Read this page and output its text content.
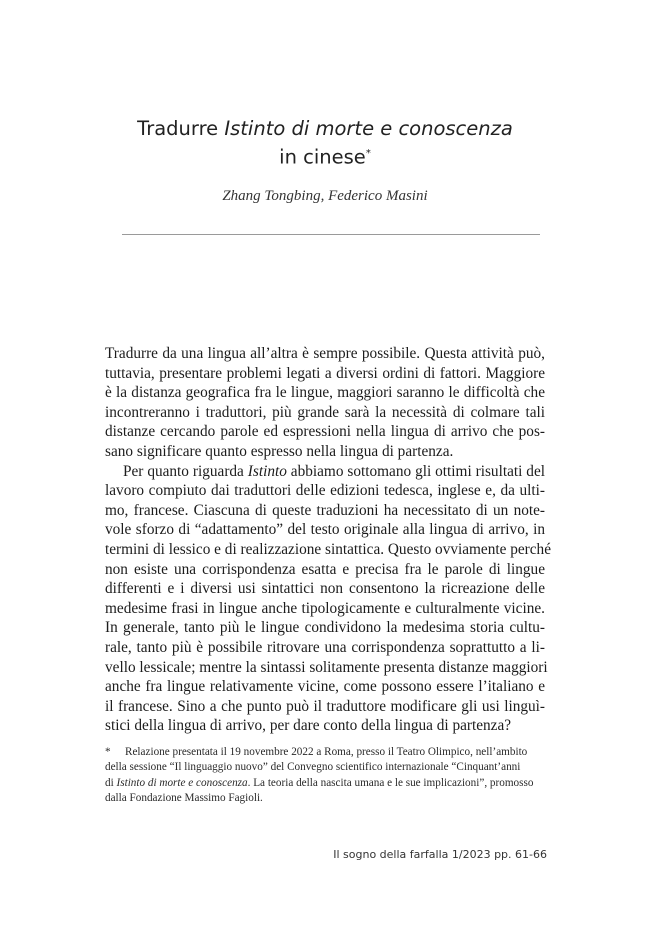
Tradurre Istinto di morte e conoscenza
in cinese*
Zhang Tongbing, Federico Masini
Tradurre da una lingua all’altra è sempre possibile. Questa attività può,
tuttavia, presentare problemi legati a diversi ordini di fattori. Maggiore
è la distanza geografica fra le lingue, maggiori saranno le difficoltà che
incontreranno i traduttori, più grande sarà la necessità di colmare tali
distanze cercando parole ed espressioni nella lingua di arrivo che pos-
sano significare quanto espresso nella lingua di partenza.
Per quanto riguarda Istinto abbiamo sottomano gli ottimi risultati del
lavoro compiuto dai traduttori delle edizioni tedesca, inglese e, da ulti-
mo, francese. Ciascuna di queste traduzioni ha necessitato di un note-
vole sforzo di “adattamento” del testo originale alla lingua di arrivo, in
termini di lessico e di realizzazione sintattica. Questo ovviamente perché
non esiste una corrispondenza esatta e precisa fra le parole di lingue
differenti e i diversi usi sintattici non consentono la ricreazione delle
medesime frasi in lingue anche tipologicamente e culturalmente vicine.
In generale, tanto più le lingue condividono la medesima storia cultu-
rale, tanto più è possibile ritrovare una corrispondenza soprattutto a li-
vello lessicale; mentre la sintassi solitamente presenta distanze maggiori
anche fra lingue relativamente vicine, come possono essere l’italiano e
il francese. Sino a che punto può il traduttore modificare gli usi linguì-
stici della lingua di arrivo, per dare conto della lingua di partenza?
* Relazione presentata il 19 novembre 2022 a Roma, presso il Teatro Olimpico, nell’ambito
della sessione “Il linguaggio nuovo” del Convegno scientifico internazionale “Cinquant’anni
di Istinto di morte e conoscenza. La teoria della nascita umana e le sue implicazioni”, promosso
dalla Fondazione Massimo Fagioli.
Il sogno della farfalla 1/2023 pp. 61-66
